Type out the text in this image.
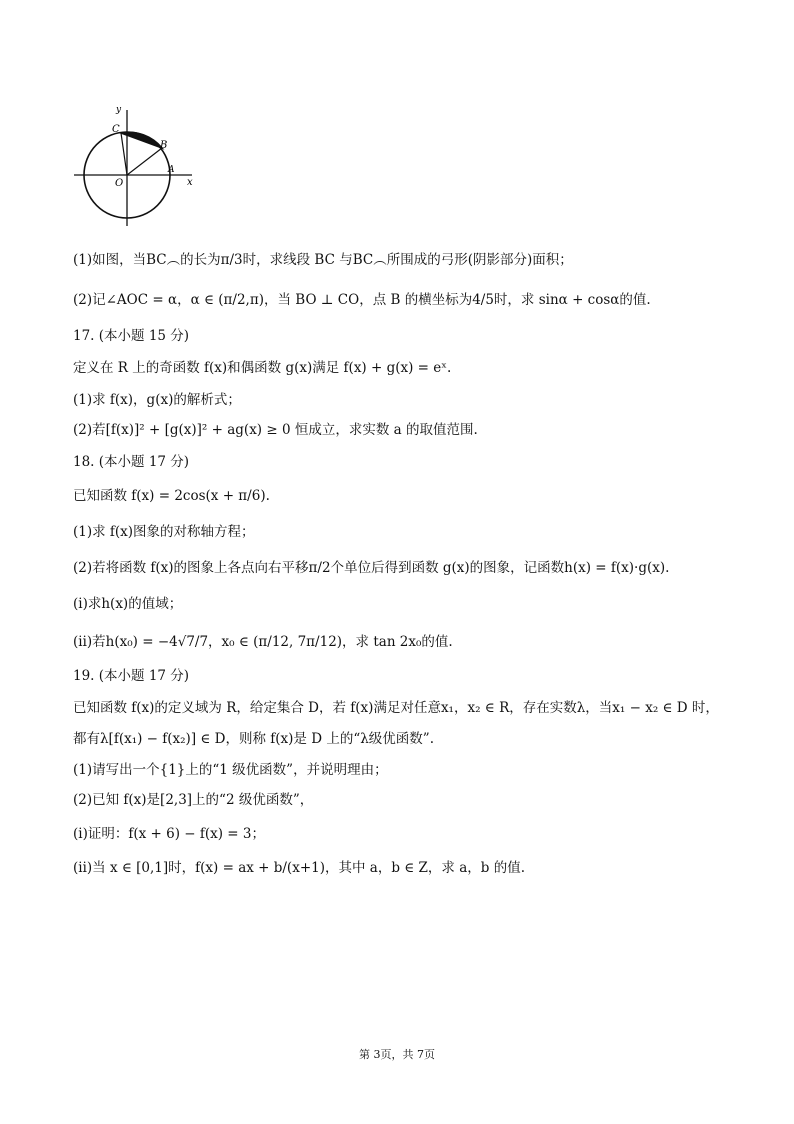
y
C
B
A
O	x
(1)如图，当BC︵的长为π/3时，求线段 BC 与BC︵所围成的弓形(阴影部分)面积；
(2)记∠AOC = α，α ∈ (π/2,π)，当 BO ⊥ CO，点 B 的横坐标为4/5时，求 sinα + cosα的值.
17. (本小题 15 分)
定义在 R 上的奇函数 f(x)和偶函数 g(x)满足 f(x) + g(x) = eˣ.
(1)求 f(x)，g(x)的解析式；
(2)若[f(x)]² + [g(x)]² + ag(x) ≥ 0 恒成立，求实数 a 的取值范围.
18. (本小题 17 分)
已知函数 f(x) = 2cos(x + π/6).
(1)求 f(x)图象的对称轴方程；
(2)若将函数 f(x)的图象上各点向右平移π/2个单位后得到函数 g(x)的图象，记函数h(x) = f(x)·g(x).
(ⅰ)求h(x)的值域；
(ⅱ)若h(x₀) = −4√7/7，x₀ ∈ (π/12, 7π/12)，求 tan 2x₀的值.
19. (本小题 17 分)
已知函数 f(x)的定义域为 R，给定集合 D，若 f(x)满足对任意x₁，x₂ ∈ R，存在实数λ，当x₁ − x₂ ∈ D 时，
都有λ[f(x₁) − f(x₂)] ∈ D，则称 f(x)是 D 上的“λ级优函数”.
(1)请写出一个{1}上的“1 级优函数”，并说明理由；
(2)已知 f(x)是[2,3]上的“2 级优函数”，
(ⅰ)证明：f(x + 6) − f(x) = 3；
(ⅱ)当 x ∈ [0,1]时，f(x) = ax + b/(x+1)，其中 a，b ∈ Z，求 a，b 的值.
第 3页，共 7页
